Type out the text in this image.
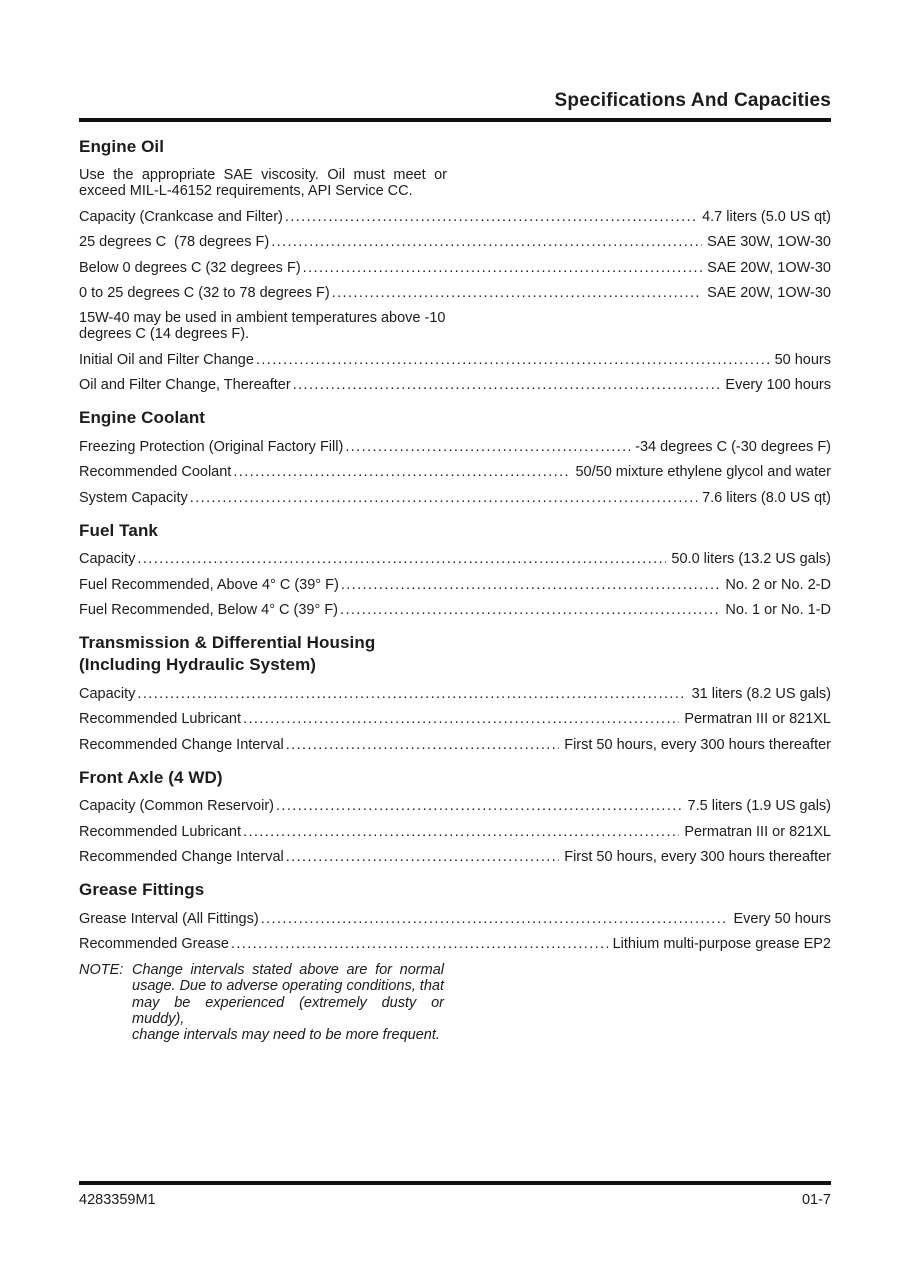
Specifications And Capacities
Engine Oil
Use the appropriate SAE viscosity. Oil must meet or
exceed MIL-L-46152 requirements, API Service CC.
Capacity (Crankcase and Filter) .....	4.7 liters (5.0 US qt)
25 degrees C  (78 degrees F) .....	SAE 30W, 1OW-30
Below 0 degrees C (32 degrees F) .....	SAE 20W, 1OW-30
0 to 25 degrees C (32 to 78 degrees F) .....	SAE 20W, 1OW-30
15W-40 may be used in ambient temperatures above -10
degrees C (14 degrees F).
Initial Oil and Filter Change .....	50 hours
Oil and Filter Change, Thereafter .....	Every 100 hours
Engine Coolant
Freezing Protection (Original Factory Fill) .....	-34 degrees C (-30 degrees F)
Recommended Coolant .....	50/50 mixture ethylene glycol and water
System Capacity .....	7.6 liters (8.0 US qt)
Fuel Tank
Capacity .....	50.0 liters (13.2 US gals)
Fuel Recommended, Above 4° C (39° F) .....	No. 2 or No. 2-D
Fuel Recommended, Below 4° C (39° F) .....	No. 1 or No. 1-D
Transmission & Differential Housing
(Including Hydraulic System)
Capacity .....	31 liters (8.2 US gals)
Recommended Lubricant .....	Permatran III or 821XL
Recommended Change Interval .....	First 50 hours, every 300 hours thereafter
Front Axle (4 WD)
Capacity (Common Reservoir) .....	7.5 liters (1.9 US gals)
Recommended Lubricant .....	Permatran III or 821XL
Recommended Change Interval .....	First 50 hours, every 300 hours thereafter
Grease Fittings
Grease Interval (All Fittings) .....	Every 50 hours
Recommended Grease .....	Lithium multi-purpose grease EP2
NOTE: Change intervals stated above are for normal
usage. Due to adverse operating conditions, that
may be experienced (extremely dusty or muddy),
change intervals may need to be more frequent.
4283359M1	01-7
